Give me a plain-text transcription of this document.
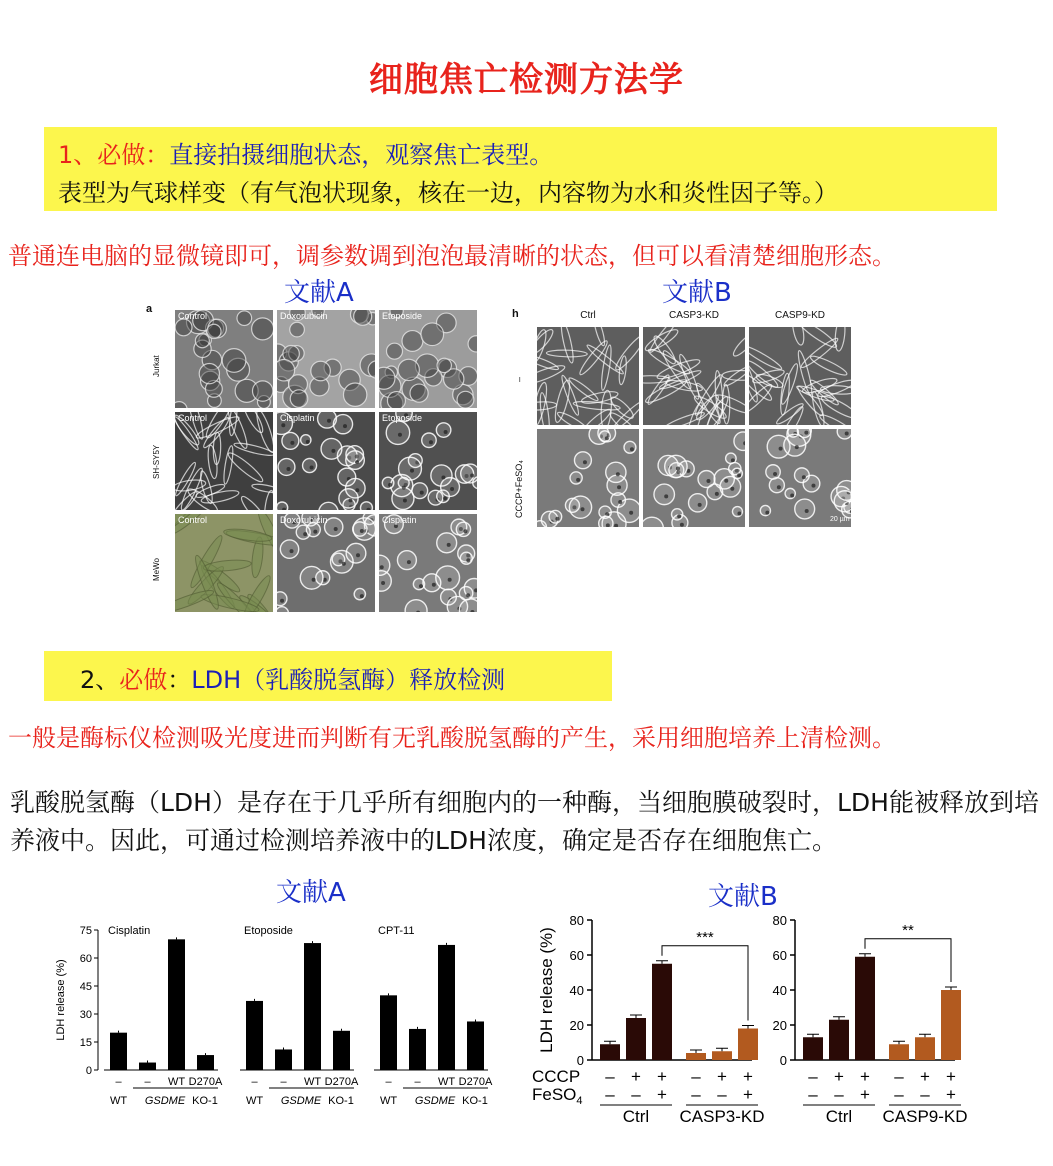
细胞焦亡检测方法学
1、必做：直接拍摄细胞状态，观察焦亡表型。
表型为气球样变（有气泡状现象，核在一边，内容物为水和炎性因子等。）
普通连电脑的显微镜即可，调参数调到泡泡最清晰的状态，但可以看清楚细胞形态。
文献A	文献B
a
Jurkat
Control	Doxorubicin	Etoposide
SH-SY5Y
Control	Cisplatin	Etoposide
MeWo
Control	Doxorubicin	Cisplatin
h	Ctrl	CASP3-KD	CASP9-KD
–
CCCP+FeSO₄
20 µm
2、必做：LDH（乳酸脱氢酶）释放检测
一般是酶标仪检测吸光度进而判断有无乳酸脱氢酶的产生，采用细胞培养上清检测。
乳酸脱氢酶（LDH）是存在于几乎所有细胞内的一种酶，当细胞膜破裂时，LDH能被释放到培养液中。因此，可通过检测培养液中的LDH浓度，确定是否存在细胞焦亡。
文献A	文献B
0
15
30
45
60
75
LDH release (%)
Cisplatin
– – WT D270A
WT GSDME KO-1
Etoposide
– – WT D270A
WT GSDME KO-1
CPT-11
– – WT D270A
WT GSDME KO-1
0
20
40
60
80
LDH release (%)
–
–
+
–
+
+
–
–
+
–
+
+
***
Ctrl CASP3-KD
CCCP
FeSO$_4$
0
20
40
60
80
–
–
+
–
+
+
–
–
+
–
+
+
**
Ctrl CASP9-KD
